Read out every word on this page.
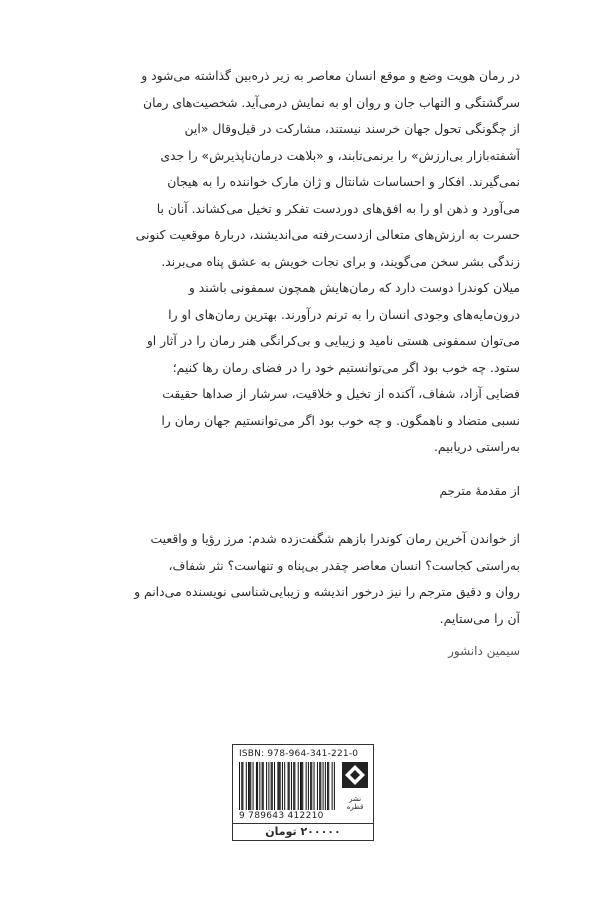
در رمان هویت وضع و موقع انسان معاصر به زیر ذره‌بین گذاشته می‌شود و
سرگشتگی و التهاب جان و روان او به نمایش درمی‌آید. شخصیت‌های رمان
از چگونگی تحول جهان خرسند نیستند، مشارکت در قیل‌وقال «این
آشفته‌بازار بی‌ارزش» را برنمی‌تابند، و «بلاهت درمان‌ناپذیرش» را جدی
نمی‌گیرند. افکار و احساسات شانتال و ژان مارک خواننده را به هیجان
می‌آورد و ذهن او را به افق‌های دوردست تفکر و تخیل می‌کشاند. آنان با
حسرت به ارزش‌های متعالی ازدست‌رفته می‌اندیشند، دربارهٔ موقعیت کنونی
زندگی بشر سخن می‌گویند، و برای نجات خویش به عشق پناه می‌برند.
میلان کوندرا دوست دارد که رمان‌هایش همچون سمفونی باشند و
درون‌مایه‌های وجودی انسان را به ترنم درآورند. بهترین رمان‌های او را
می‌توان سمفونی هستی نامید و زیبایی و بی‌کرانگی هنر رمان را در آثار او
ستود. چه خوب بود اگر می‌توانستیم خود را در فضای رمان رها کنیم؛
فضایی آزاد، شفاف، آکنده از تخیل و خلاقیت، سرشار از صداها حقیقت
نسبی متضاد و ناهمگون. و چه خوب بود اگر می‌توانستیم جهان رمان را
به‌راستی دریابیم.
از مقدمهٔ مترجم
از خواندن آخرین رمان کوندرا بازهم شگفت‌زده شدم: مرز رؤیا و واقعیت
به‌راستی کجاست؟ انسان معاصر چقدر بی‌پناه و تنهاست؟ نثر شفاف،
روان و دقیق مترجم را نیز درخور اندیشه و زیبایی‌شناسی نویسنده می‌دانم و
آن را می‌ستایم.
سیمین دانشور
ISBN: 978-964-341-221-0
9 789643 412210
نشر قطره
۲۰۰۰۰۰ تومان
